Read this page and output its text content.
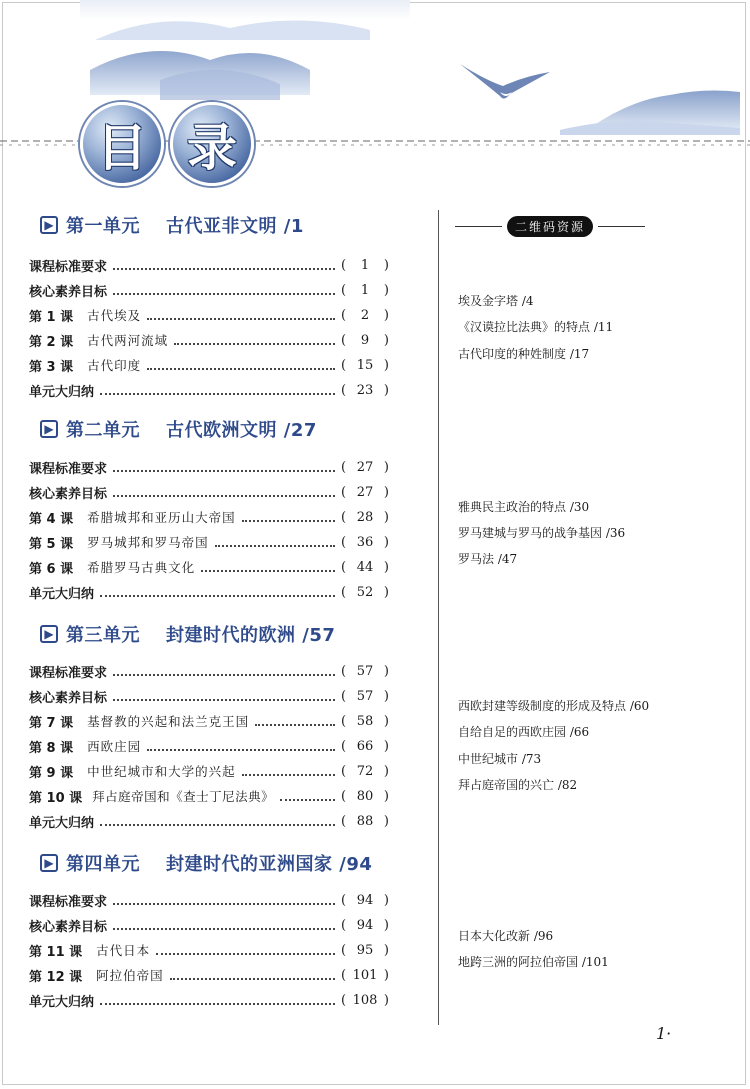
目 录
二维码资源
▶ 第一单元 古代亚非文明 /1
课程标准要求	(	1	)
核心素养目标	(	1	)
第 1 课 古代埃及	(	2	)
第 2 课 古代两河流域	(	9	)
第 3 课 古代印度	( 15 )
单元大归纳	( 23 )
埃及金字塔 /4
《汉谟拉比法典》的特点 /11
古代印度的种姓制度 /17
▶ 第二单元 古代欧洲文明 /27
课程标准要求	( 27 )
核心素养目标	( 27 )
第 4 课 希腊城邦和亚历山大帝国	( 28 )
第 5 课 罗马城邦和罗马帝国	( 36 )
第 6 课 希腊罗马古典文化	( 44 )
单元大归纳	( 52 )
雅典民主政治的特点 /30
罗马建城与罗马的战争基因 /36
罗马法 /47
▶ 第三单元 封建时代的欧洲 /57
课程标准要求	( 57 )
核心素养目标	( 57 )
第 7 课 基督教的兴起和法兰克王国	( 58 )
第 8 课 西欧庄园	( 66 )
第 9 课 中世纪城市和大学的兴起	( 72 )
第 10 课 拜占庭帝国和《查士丁尼法典》	( 80 )
单元大归纳	( 88 )
西欧封建等级制度的形成及特点 /60
自给自足的西欧庄园 /66
中世纪城市 /73
拜占庭帝国的兴亡 /82
▶ 第四单元 封建时代的亚洲国家 /94
课程标准要求	( 94 )
核心素养目标	( 94 )
第 11 课 古代日本	( 95 )
第 12 课 阿拉伯帝国	( 101 )
单元大归纳	( 108 )
日本大化改新 /96
地跨三洲的阿拉伯帝国 /101
1·
